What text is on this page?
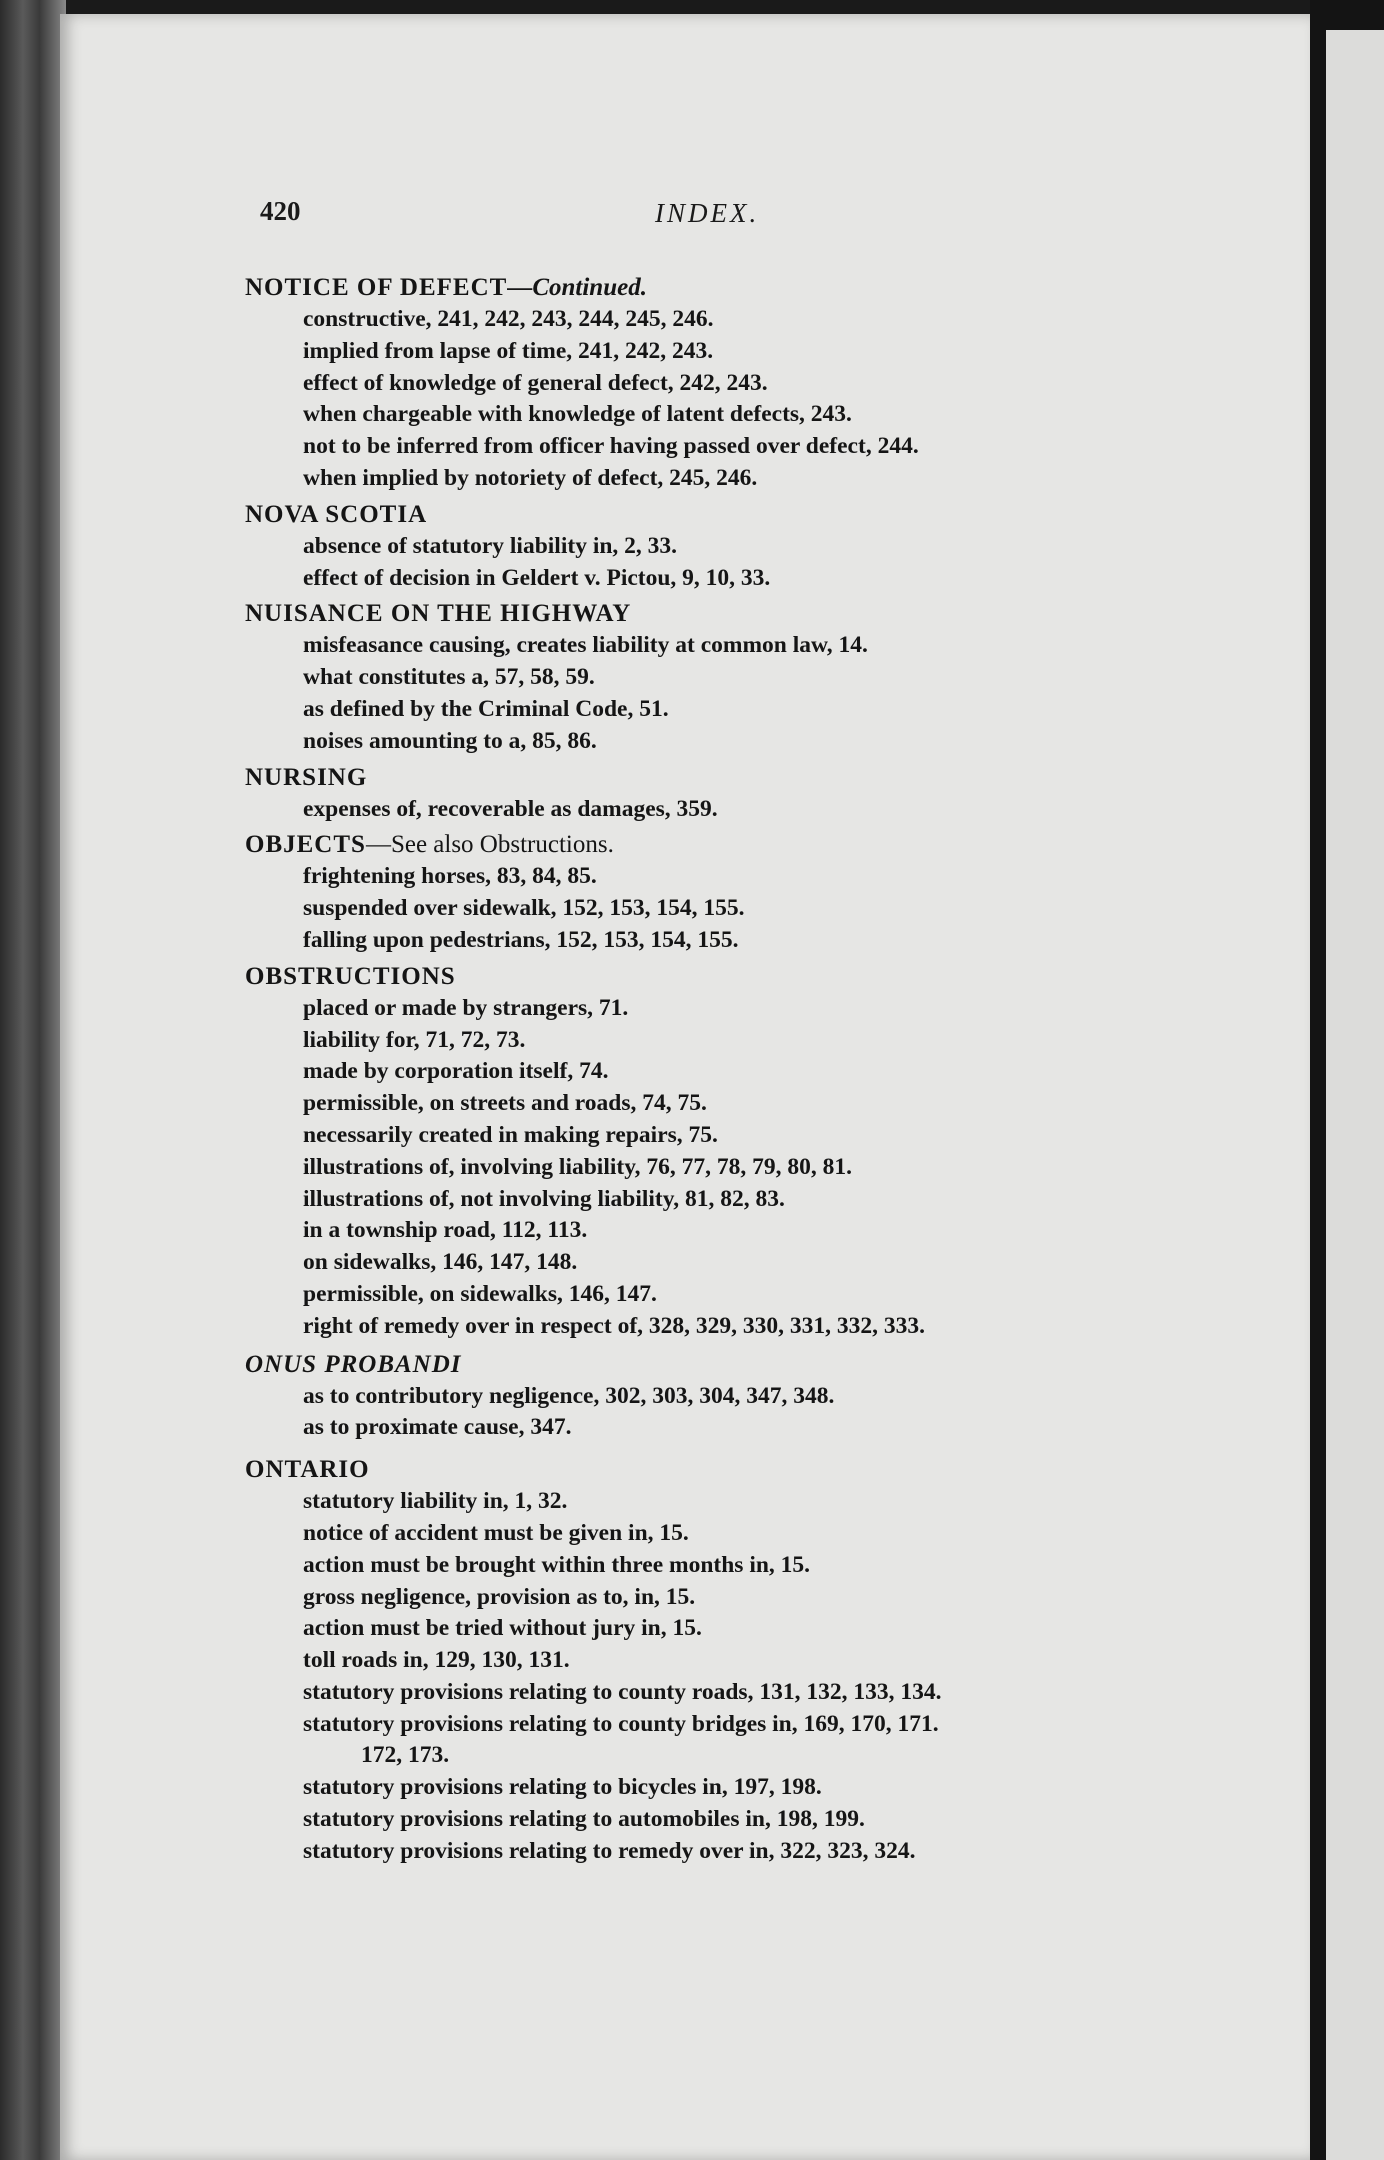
420	INDEX.
NOTICE OF DEFECT—Continued.
constructive, 241, 242, 243, 244, 245, 246.
implied from lapse of time, 241, 242, 243.
effect of knowledge of general defect, 242, 243.
when chargeable with knowledge of latent defects, 243.
not to be inferred from officer having passed over defect, 244.
when implied by notoriety of defect, 245, 246.
NOVA SCOTIA
absence of statutory liability in, 2, 33.
effect of decision in Geldert v. Pictou, 9, 10, 33.
NUISANCE ON THE HIGHWAY
misfeasance causing, creates liability at common law, 14.
what constitutes a, 57, 58, 59.
as defined by the Criminal Code, 51.
noises amounting to a, 85, 86.
NURSING
expenses of, recoverable as damages, 359.
OBJECTS—See also Obstructions.
frightening horses, 83, 84, 85.
suspended over sidewalk, 152, 153, 154, 155.
falling upon pedestrians, 152, 153, 154, 155.
OBSTRUCTIONS
placed or made by strangers, 71.
liability for, 71, 72, 73.
made by corporation itself, 74.
permissible, on streets and roads, 74, 75.
necessarily created in making repairs, 75.
illustrations of, involving liability, 76, 77, 78, 79, 80, 81.
illustrations of, not involving liability, 81, 82, 83.
in a township road, 112, 113.
on sidewalks, 146, 147, 148.
permissible, on sidewalks, 146, 147.
right of remedy over in respect of, 328, 329, 330, 331, 332, 333.
ONUS PROBANDI
as to contributory negligence, 302, 303, 304, 347, 348.
as to proximate cause, 347.
ONTARIO
statutory liability in, 1, 32.
notice of accident must be given in, 15.
action must be brought within three months in, 15.
gross negligence, provision as to, in, 15.
action must be tried without jury in, 15.
toll roads in, 129, 130, 131.
statutory provisions relating to county roads, 131, 132, 133, 134.
statutory provisions relating to county bridges in, 169, 170, 171.
172, 173.
statutory provisions relating to bicycles in, 197, 198.
statutory provisions relating to automobiles in, 198, 199.
statutory provisions relating to remedy over in, 322, 323, 324.
